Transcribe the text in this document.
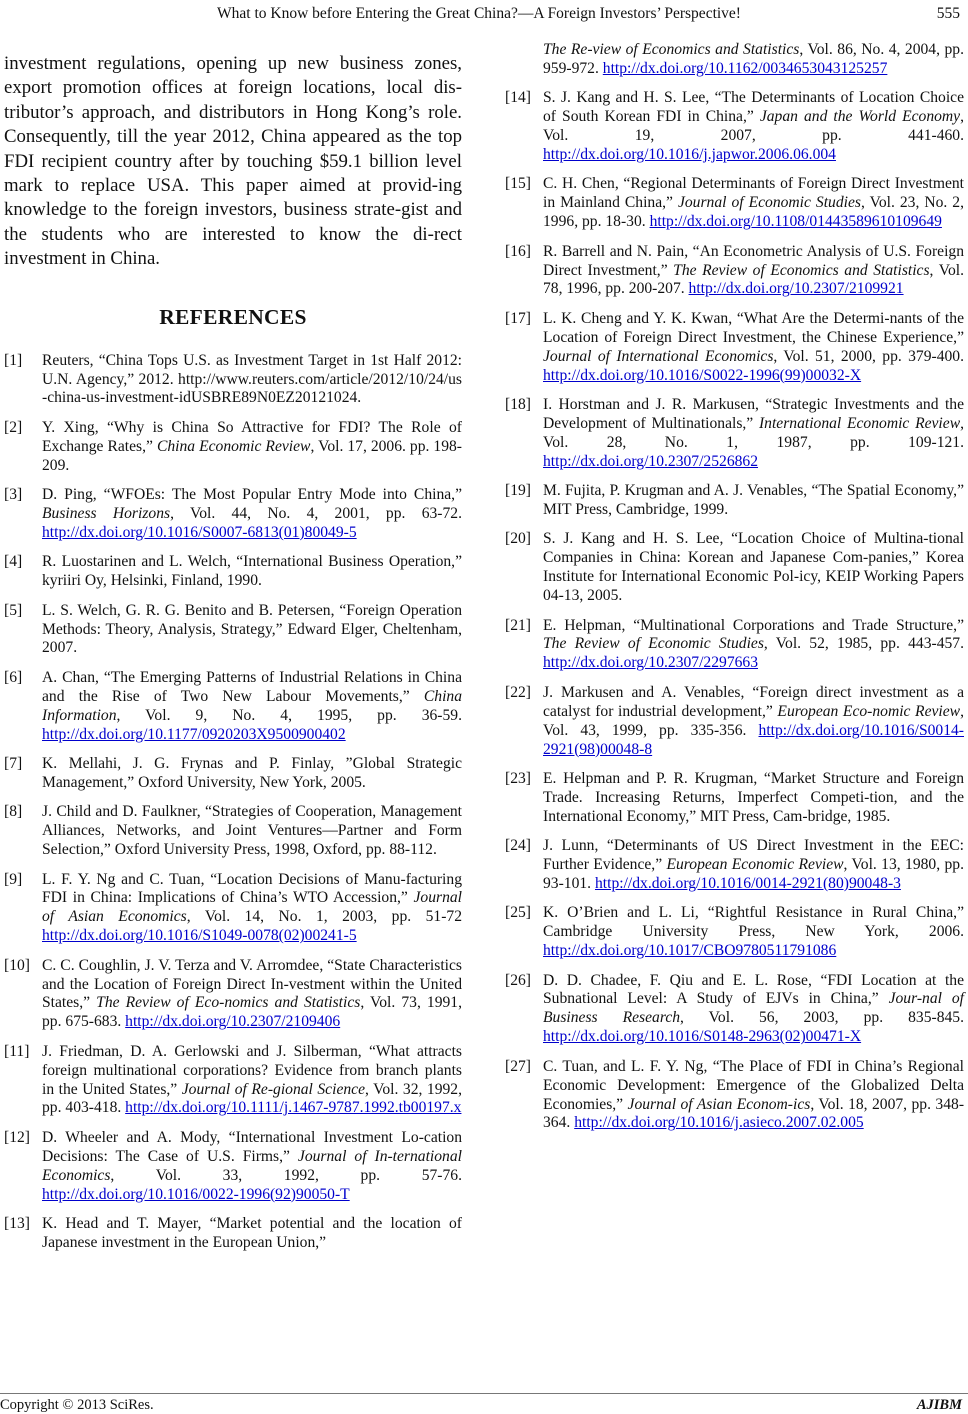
What to Know before Entering the Great China?—A Foreign Investors’ Perspective!	555

investment regulations, opening up new business zones, export promotion offices at foreign locations, local dis-tributor’s approach, and distributors in Hong Kong’s role. Consequently, till the year 2012, China appeared as the top FDI recipient country after by touching $59.1 billion level mark to replace USA. This paper aimed at provid-ing knowledge to the foreign investors, business strate-gist and the students who are interested to know the di-rect investment in China.

REFERENCES
[1]	Reuters, “China Tops U.S. as Investment Target in 1st Half 2012: U.N. Agency,” 2012. http://www.reuters.com/article/2012/10/24/us-china-us-investment-idUSBRE89N0EZ20121024.
[2]	Y. Xing, “Why is China So Attractive for FDI? The Role of Exchange Rates,” China Economic Review, Vol. 17, 2006. pp. 198-209.
[3]	D. Ping, “WFOEs: The Most Popular Entry Mode into China,” Business Horizons, Vol. 44, No. 4, 2001, pp. 63-72. http://dx.doi.org/10.1016/S0007-6813(01)80049-5
[4]	R. Luostarinen and L. Welch, “International Business Operation,” kyriiri Oy, Helsinki, Finland, 1990.
[5]	L. S. Welch, G. R. G. Benito and B. Petersen, “Foreign Operation Methods: Theory, Analysis, Strategy,” Edward Elger, Cheltenham, 2007.
[6]	A. Chan, “The Emerging Patterns of Industrial Relations in China and the Rise of Two New Labour Movements,” China Information, Vol. 9, No. 4, 1995, pp. 36-59. http://dx.doi.org/10.1177/0920203X9500900402
[7]	K. Mellahi, J. G. Frynas and P. Finlay, ”Global Strategic Management,” Oxford University, New York, 2005.
[8]	J. Child and D. Faulkner, “Strategies of Cooperation, Management Alliances, Networks, and Joint Ventures—Partner and Form Selection,” Oxford University Press, 1998, Oxford, pp. 88-112.
[9]	L. F. Y. Ng and C. Tuan, “Location Decisions of Manu-facturing FDI in China: Implications of China’s WTO Accession,” Journal of Asian Economics, Vol. 14, No. 1, 2003, pp. 51-72 http://dx.doi.org/10.1016/S1049-0078(02)00241-5
[10] C. C. Coughlin, J. V. Terza and V. Arromdee, “State Characteristics and the Location of Foreign Direct In-vestment within the United States,” The Review of Eco-nomics and Statistics, Vol. 73, 1991, pp. 675-683. http://dx.doi.org/10.2307/2109406
[11] J. Friedman, D. A. Gerlowski and J. Silberman, “What attracts foreign multinational corporations? Evidence from branch plants in the United States,” Journal of Re-gional Science, Vol. 32, 1992, pp. 403-418. http://dx.doi.org/10.1111/j.1467-9787.1992.tb00197.x
[12] D. Wheeler and A. Mody, “International Investment Lo-cation Decisions: The Case of U.S. Firms,” Journal of In-ternational Economics, Vol. 33, 1992, pp. 57-76. http://dx.doi.org/10.1016/0022-1996(92)90050-T
[13] K. Head and T. Mayer, “Market potential and the location of Japanese investment in the European Union,”
The Re-view of Economics and Statistics, Vol. 86, No. 4, 2004, pp. 959-972. http://dx.doi.org/10.1162/0034653043125257
[14] S. J. Kang and H. S. Lee, “The Determinants of Location Choice of South Korean FDI in China,” Japan and the World Economy, Vol. 19, 2007, pp. 441-460. http://dx.doi.org/10.1016/j.japwor.2006.06.004
[15] C. H. Chen, “Regional Determinants of Foreign Direct Investment in Mainland China,” Journal of Economic Studies, Vol. 23, No. 2, 1996, pp. 18-30. http://dx.doi.org/10.1108/01443589610109649
[16] R. Barrell and N. Pain, “An Econometric Analysis of U.S. Foreign Direct Investment,” The Review of Economics and Statistics, Vol. 78, 1996, pp. 200-207. http://dx.doi.org/10.2307/2109921
[17] L. K. Cheng and Y. K. Kwan, “What Are the Determi-nants of the Location of Foreign Direct Investment, the Chinese Experience,” Journal of International Economics, Vol. 51, 2000, pp. 379-400. http://dx.doi.org/10.1016/S0022-1996(99)00032-X
[18] I. Horstman and J. R. Markusen, “Strategic Investments and the Development of Multinationals,” International Economic Review, Vol. 28, No. 1, 1987, pp. 109-121. http://dx.doi.org/10.2307/2526862
[19] M. Fujita, P. Krugman and A. J. Venables, “The Spatial Economy,” MIT Press, Cambridge, 1999.
[20] S. J. Kang and H. S. Lee, “Location Choice of Multina-tional Companies in China: Korean and Japanese Com-panies,” Korea Institute for International Economic Pol-icy, KEIP Working Papers 04-13, 2005.
[21] E. Helpman, “Multinational Corporations and Trade Structure,” The Review of Economic Studies, Vol. 52, 1985, pp. 443-457. http://dx.doi.org/10.2307/2297663
[22] J. Markusen and A. Venables, “Foreign direct investment as a catalyst for industrial development,” European Eco-nomic Review, Vol. 43, 1999, pp. 335-356. http://dx.doi.org/10.1016/S0014-2921(98)00048-8
[23] E. Helpman and P. R. Krugman, “Market Structure and Foreign Trade. Increasing Returns, Imperfect Competi-tion, and the International Economy,” MIT Press, Cam-bridge, 1985.
[24] J. Lunn, “Determinants of US Direct Investment in the EEC: Further Evidence,” European Economic Review, Vol. 13, 1980, pp. 93-101. http://dx.doi.org/10.1016/0014-2921(80)90048-3
[25] K. O’Brien and L. Li, “Rightful Resistance in Rural China,” Cambridge University Press, New York, 2006. http://dx.doi.org/10.1017/CBO9780511791086
[26] D. D. Chadee, F. Qiu and E. L. Rose, “FDI Location at the Subnational Level: A Study of EJVs in China,” Jour-nal of Business Research, Vol. 56, 2003, pp. 835-845. http://dx.doi.org/10.1016/S0148-2963(02)00471-X
[27] C. Tuan, and L. F. Y. Ng, “The Place of FDI in China’s Regional Economic Development: Emergence of the Globalized Delta Economies,” Journal of Asian Econom-ics, Vol. 18, 2007, pp. 348-364. http://dx.doi.org/10.1016/j.asieco.2007.02.005
Copyright © 2013 SciRes.	AJIBM
